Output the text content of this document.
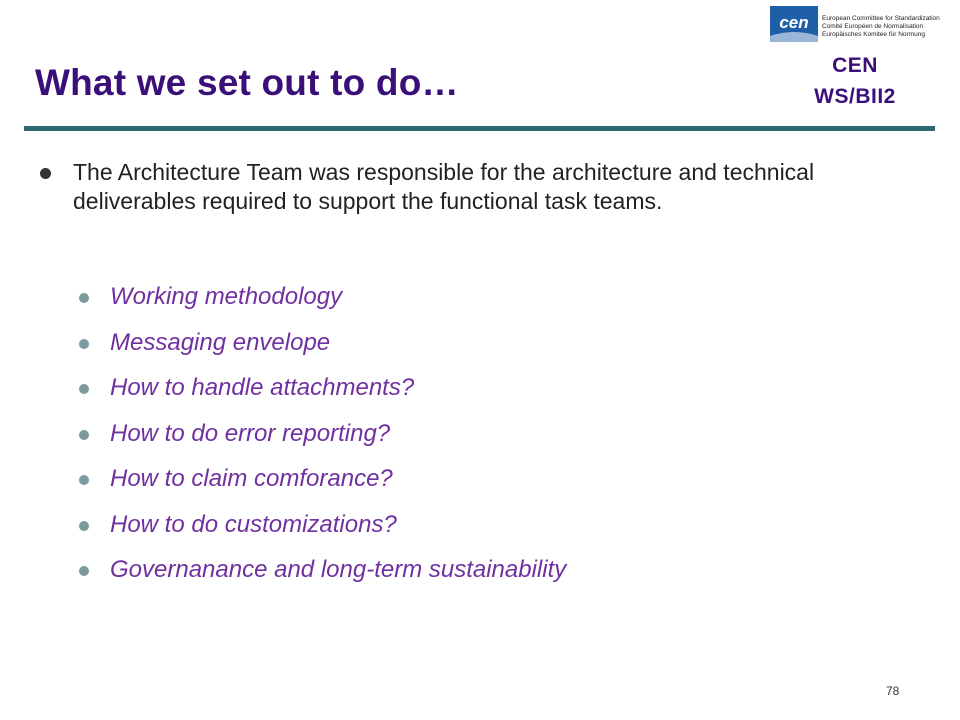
cen European Committee for Standardization
Comité Européen de Normalisation
Europäisches Komitee für Normung
CEN
WS/BII2
What we set out to do…
The Architecture Team was responsible for the architecture and technical deliverables required to support the functional task teams.
Working methodology
Messaging envelope
How to handle attachments?
How to do error reporting?
How to claim comforance?
How to do customizations?
Governanance and long-term sustainability
78
